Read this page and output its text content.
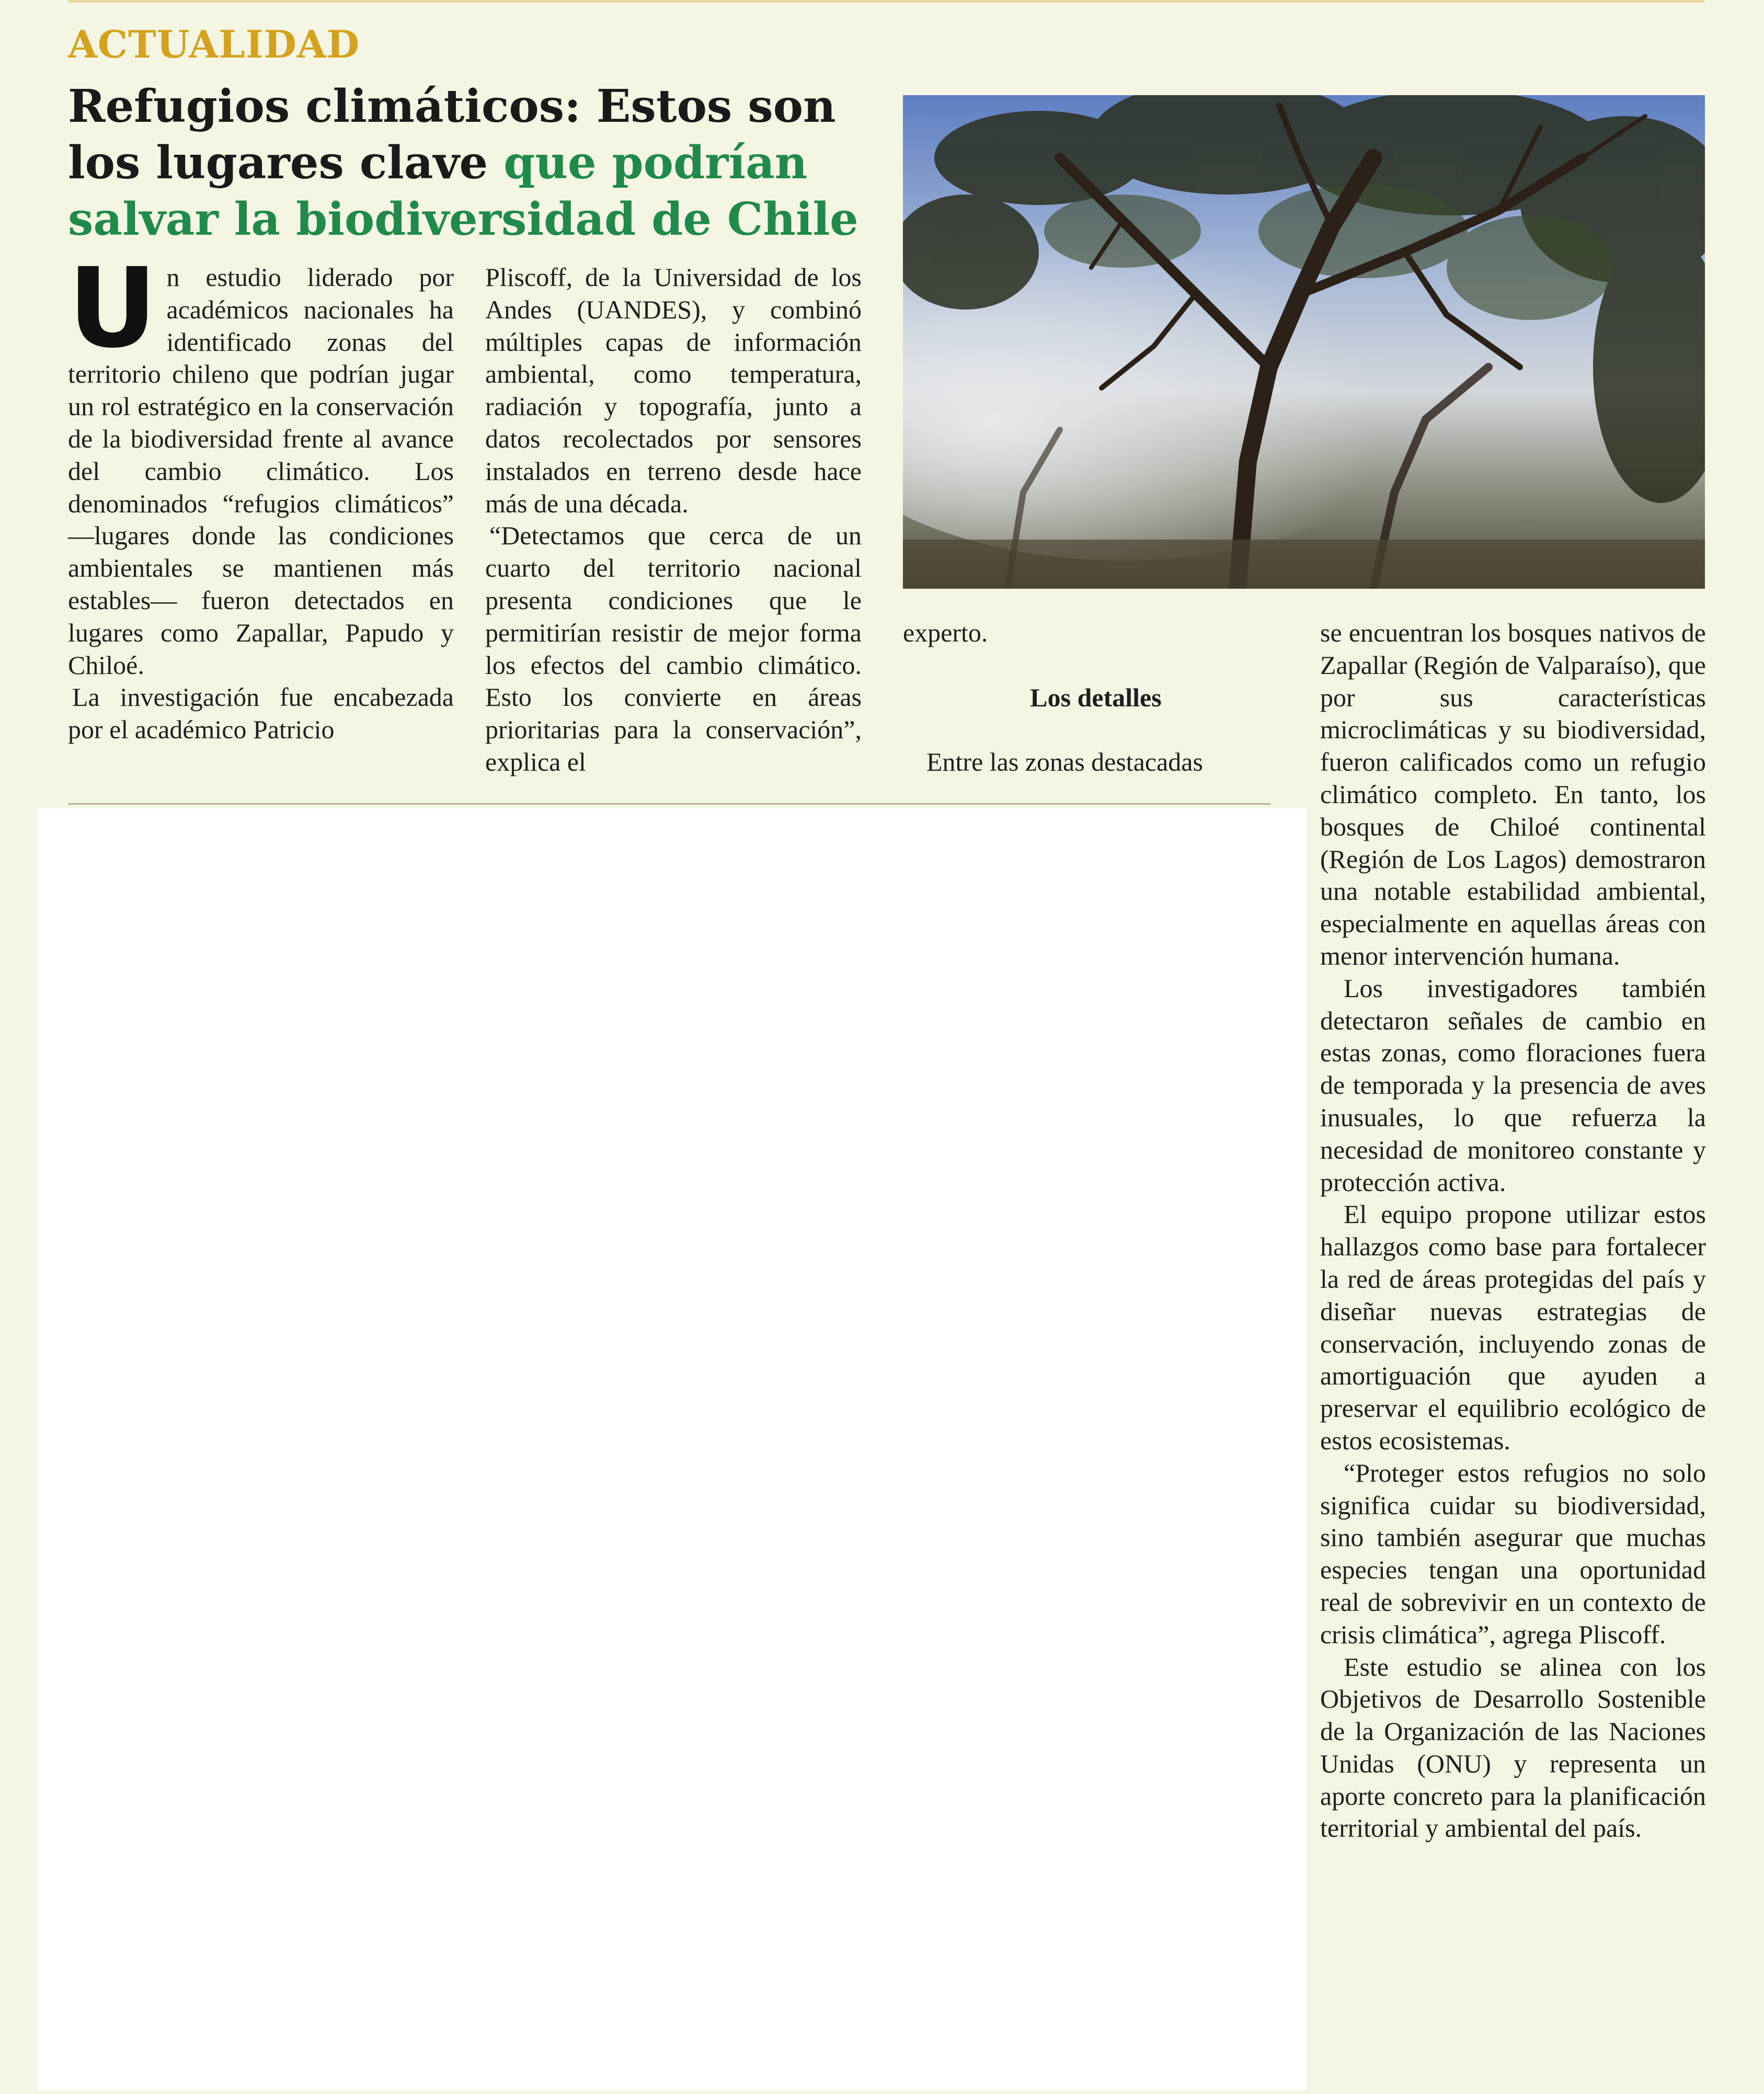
ACTUALIDAD
Refugios climáticos: Estos son los lugares clave que podrían salvar la biodiversidad de Chile
U n estudio liderado por académicos nacionales ha identificado zonas del territorio chileno que podrían jugar un rol estratégico en la conservación de la biodiversidad frente al avance del cambio climático. Los denominados “refugios climáticos” —lugares donde las condiciones ambientales se mantienen más estables— fueron detectados en lugares como Zapallar, Papudo y Chiloé.

La investigación fue encabezada por el académico Patricio

Pliscoff, de la Universidad de los Andes (UANDES), y combinó múltiples capas de información ambiental, como temperatura, radiación y topografía, junto a datos recolectados por sensores instalados en terreno desde hace más de una década.

“Detectamos que cerca de un cuarto del territorio nacional presenta condiciones que le permitirían resistir de mejor forma los efectos del cambio climático. Esto los convierte en áreas prioritarias para la conservación”, explica el

experto.

Los detalles

Entre las zonas destacadas

se encuentran los bosques nativos de Zapallar (Región de Valparaíso), que por sus características microclimáticas y su biodiversidad, fueron calificados como un refugio climático completo. En tanto, los bosques de Chiloé continental (Región de Los Lagos) demostraron una notable estabilidad ambiental, especialmente en aquellas áreas con menor intervención humana.

Los investigadores también detectaron señales de cambio en estas zonas, como floraciones fuera de temporada y la presencia de aves inusuales, lo que refuerza la necesidad de monitoreo constante y protección activa.

El equipo propone utilizar estos hallazgos como base para fortalecer la red de áreas protegidas del país y diseñar nuevas estrategias de conservación, incluyendo zonas de amortiguación que ayuden a preservar el equilibrio ecológico de estos ecosistemas.

“Proteger estos refugios no solo significa cuidar su biodiversidad, sino también asegurar que muchas especies tengan una oportunidad real de sobrevivir en un contexto de crisis climática”, agrega Pliscoff.

Este estudio se alinea con los Objetivos de Desarrollo Sostenible de la Organización de las Naciones Unidas (ONU) y representa un aporte concreto para la planificación territorial y ambiental del país.
